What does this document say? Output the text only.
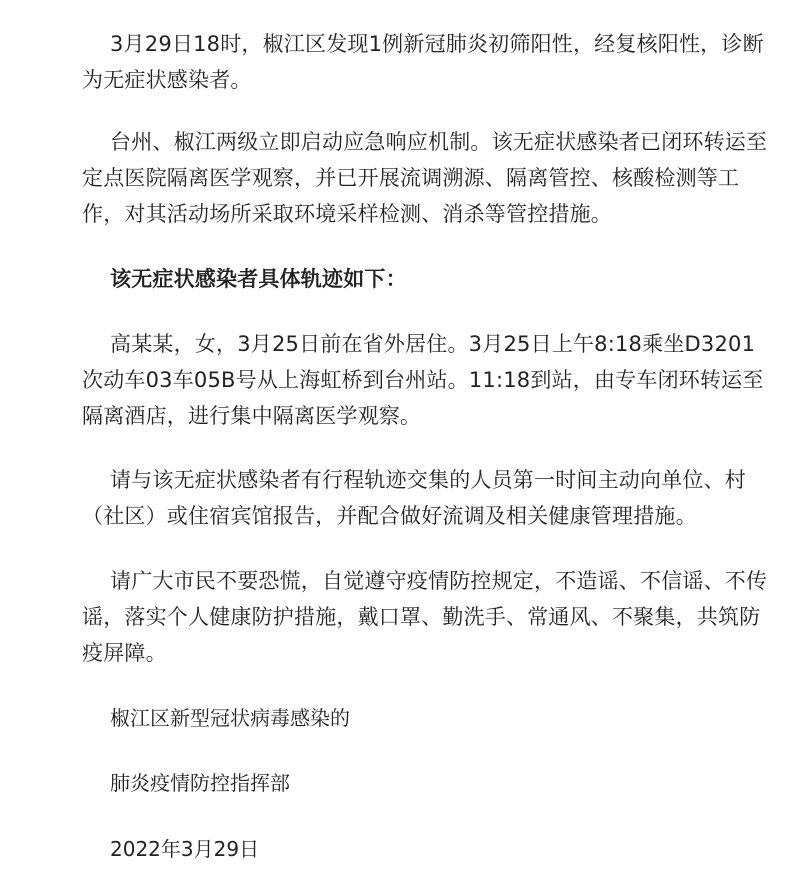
3月29日18时，椒江区发现1例新冠肺炎初筛阳性，经复核阳性，诊断为无症状感染者。

台州、椒江两级立即启动应急响应机制。该无症状感染者已闭环转运至定点医院隔离医学观察，并已开展流调溯源、隔离管控、核酸检测等工作，对其活动场所采取环境采样检测、消杀等管控措施。

该无症状感染者具体轨迹如下：

高某某，女，3月25日前在省外居住。3月25日上午8:18乘坐D3201次动车03车05B号从上海虹桥到台州站。11:18到站，由专车闭环转运至隔离酒店，进行集中隔离医学观察。

请与该无症状感染者有行程轨迹交集的人员第一时间主动向单位、村（社区）或住宿宾馆报告，并配合做好流调及相关健康管理措施。

请广大市民不要恐慌，自觉遵守疫情防控规定，不造谣、不信谣、不传谣，落实个人健康防护措施，戴口罩、勤洗手、常通风、不聚集，共筑防疫屏障。

椒江区新型冠状病毒感染的

肺炎疫情防控指挥部

2022年3月29日
